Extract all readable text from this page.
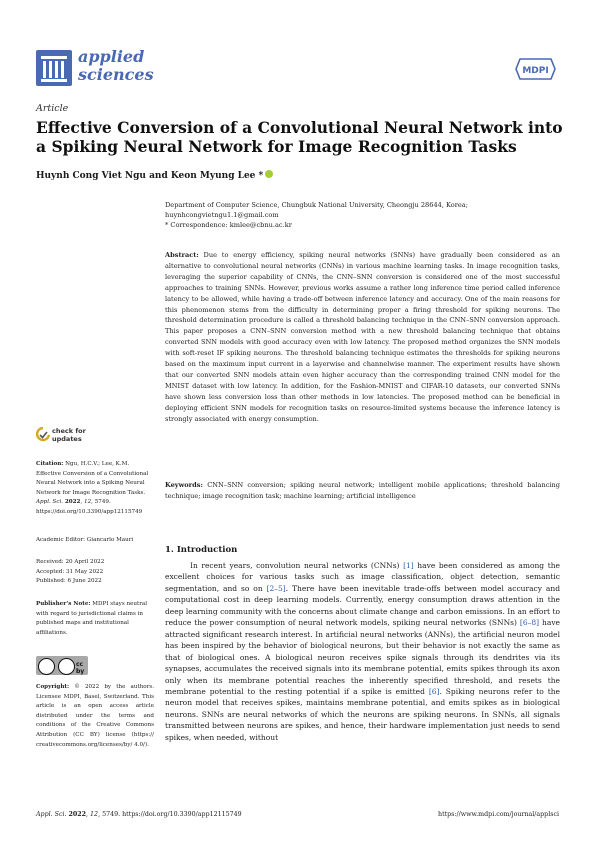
applied
sciences	MDPI
Article
Effective Conversion of a Convolutional Neural Network into a Spiking Neural Network for Image Recognition Tasks
Huynh Cong Viet Ngu and Keon Myung Lee *
Department of Computer Science, Chungbuk National University, Cheongju 28644, Korea;
huynhcongvietngu1.1@gmail.com
* Correspondence: kmlee@cbnu.ac.kr
Abstract: Due to energy efficiency, spiking neural networks (SNNs) have gradually been considered as an alternative to convolutional neural networks (CNNs) in various machine learning tasks. In image recognition tasks, leveraging the superior capability of CNNs, the CNN–SNN conversion is considered one of the most successful approaches to training SNNs. However, previous works assume a rather long inference time period called inference latency to be allowed, while having a trade-off between inference latency and accuracy. One of the main reasons for this phenomenon stems from the difficulty in determining proper a firing threshold for spiking neurons. The threshold determination procedure is called a threshold balancing technique in the CNN–SNN conversion approach. This paper proposes a CNN–SNN conversion method with a new threshold balancing technique that obtains converted SNN models with good accuracy even with low latency. The proposed method organizes the SNN models with soft-reset IF spiking neurons. The threshold balancing technique estimates the thresholds for spiking neurons based on the maximum input current in a layerwise and channelwise manner. The experiment results have shown that our converted SNN models attain even higher accuracy than the corresponding trained CNN model for the MNIST dataset with low latency. In addition, for the Fashion-MNIST and CIFAR-10 datasets, our converted SNNs have shown less conversion loss than other methods in low latencies. The proposed method can be beneficial in deploying efficient SNN models for recognition tasks on resource-limited systems because the inference latency is strongly associated with energy consumption.
Keywords: CNN–SNN conversion; spiking neural network; intelligent mobile applications; threshold balancing technique; image recognition task; machine learning; artificial intelligence
check for
updates
Citation: Ngu, H.C.V.; Lee, K.M. Effective Conversion of a Convolutional Neural Network into a Spiking Neural Network for Image Recognition Tasks. Appl. Sci. 2022, 12, 5749. https://doi.org/10.3390/app12115749
Academic Editor: Giancarlo Mauri
Received: 20 April 2022
Accepted: 31 May 2022
Published: 6 June 2022
Publisher’s Note: MDPI stays neutral with regard to jurisdictional claims in published maps and institutional affiliations.
cc by
Copyright: © 2022 by the authors. Licensee MDPI, Basel, Switzerland. This article is an open access article distributed under the terms and conditions of the Creative Commons Attribution (CC BY) license (https:// creativecommons.org/licenses/by/ 4.0/).
1. Introduction

In recent years, convolution neural networks (CNNs) [1] have been considered as among the excellent choices for various tasks such as image classification, object detection, semantic segmentation, and so on [2–5]. There have been inevitable trade-offs between model accuracy and computational cost in deep learning models. Currently, energy consumption draws attention in the deep learning community with the concerns about climate change and carbon emissions. In an effort to reduce the power consumption of neural network models, spiking neural networks (SNNs) [6–8] have attracted significant research interest. In artificial neural networks (ANNs), the artificial neuron model has been inspired by the behavior of biological neurons, but their behavior is not exactly the same as that of biological ones. A biological neuron receives spike signals through its dendrites via its synapses, accumulates the received signals into its membrane potential, emits spikes through its axon only when its membrane potential reaches the inherently specified threshold, and resets the membrane potential to the resting potential if a spike is emitted [6]. Spiking neurons refer to the neuron model that receives spikes, maintains membrane potential, and emits spikes as in biological neurons. SNNs are neural networks of which the neurons are spiking neurons. In SNNs, all signals transmitted between neurons are spikes, and hence, their hardware implementation just needs to send spikes, when needed, without

Appl. Sci. 2022, 12, 5749. https://doi.org/10.3390/app12115749	https://www.mdpi.com/journal/applsci
